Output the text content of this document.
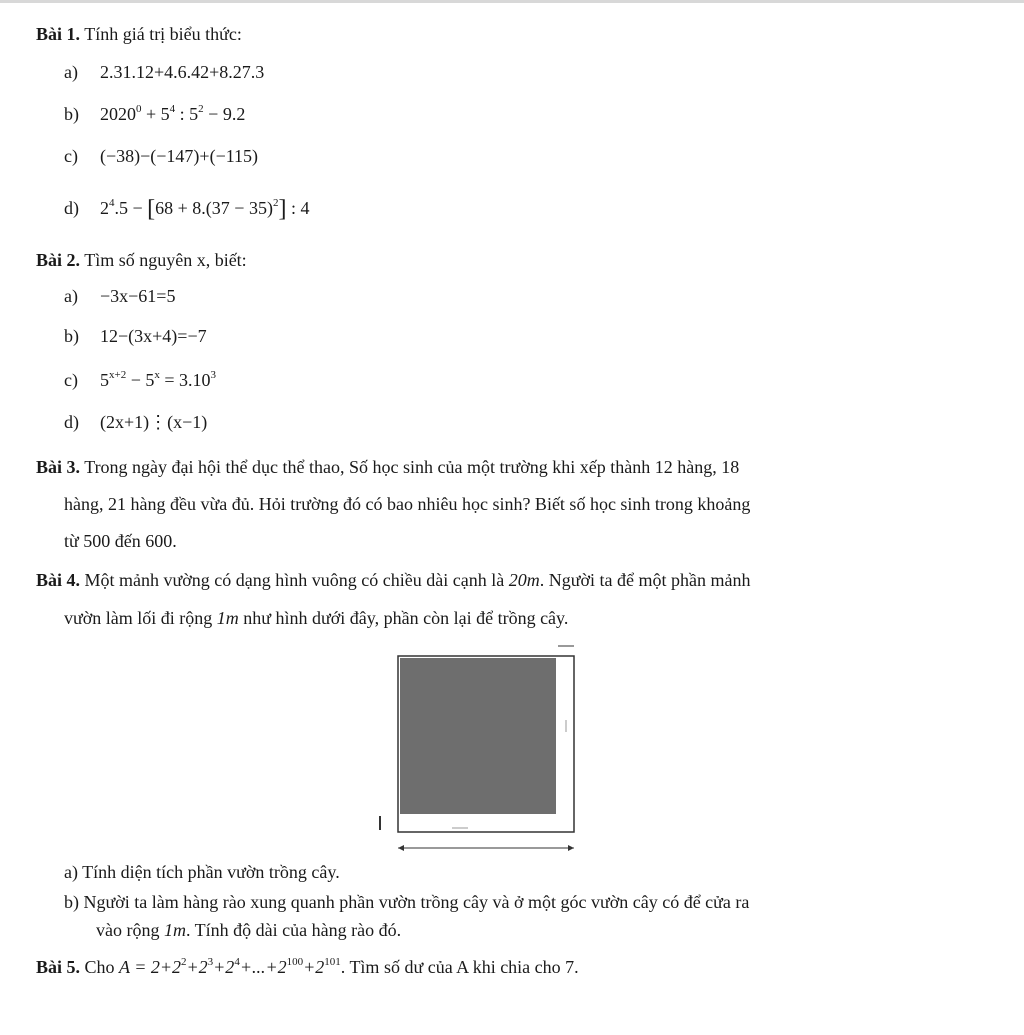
Bài 1. Tính giá trị biểu thức:
a) 2.31.12+4.6.42+8.27.3
b) $2020^0 + 5^4$ : $5^2 - 9.2$
c) (−38)−(−147)+(−115)
d) $2^4.5 - [68 + 8.(37 - 35)^2]$ : 4
Bài 2. Tìm số nguyên x, biết:
a) −3x−61=5
b) 12−(3x+4)=−7
c) $5^{x+2} - 5^x = 3.10^3$
d) (2x+1)⋮(x−1)
Bài 3. Trong ngày đại hội thể dục thể thao, Số học sinh của một trường khi xếp thành 12 hàng, 18
hàng, 21 hàng đều vừa đủ. Hỏi trường đó có bao nhiêu học sinh? Biết số học sinh trong khoảng
từ 500 đến 600.
Bài 4. Một mảnh vường có dạng hình vuông có chiều dài cạnh là 20m. Người ta để một phần mảnh
vườn làm lối đi rộng 1m như hình dưới đây, phần còn lại để trồng cây.
a) Tính diện tích phần vườn trồng cây.
b) Người ta làm hàng rào xung quanh phần vườn trồng cây và ở một góc vườn cây có để cửa ra
vào rộng 1m. Tính độ dài của hàng rào đó.
Bài 5. Cho $A = 2+2^2+2^3+2^4+...+2^{100}+2^{101}$. Tìm số dư của A khi chia cho 7.
